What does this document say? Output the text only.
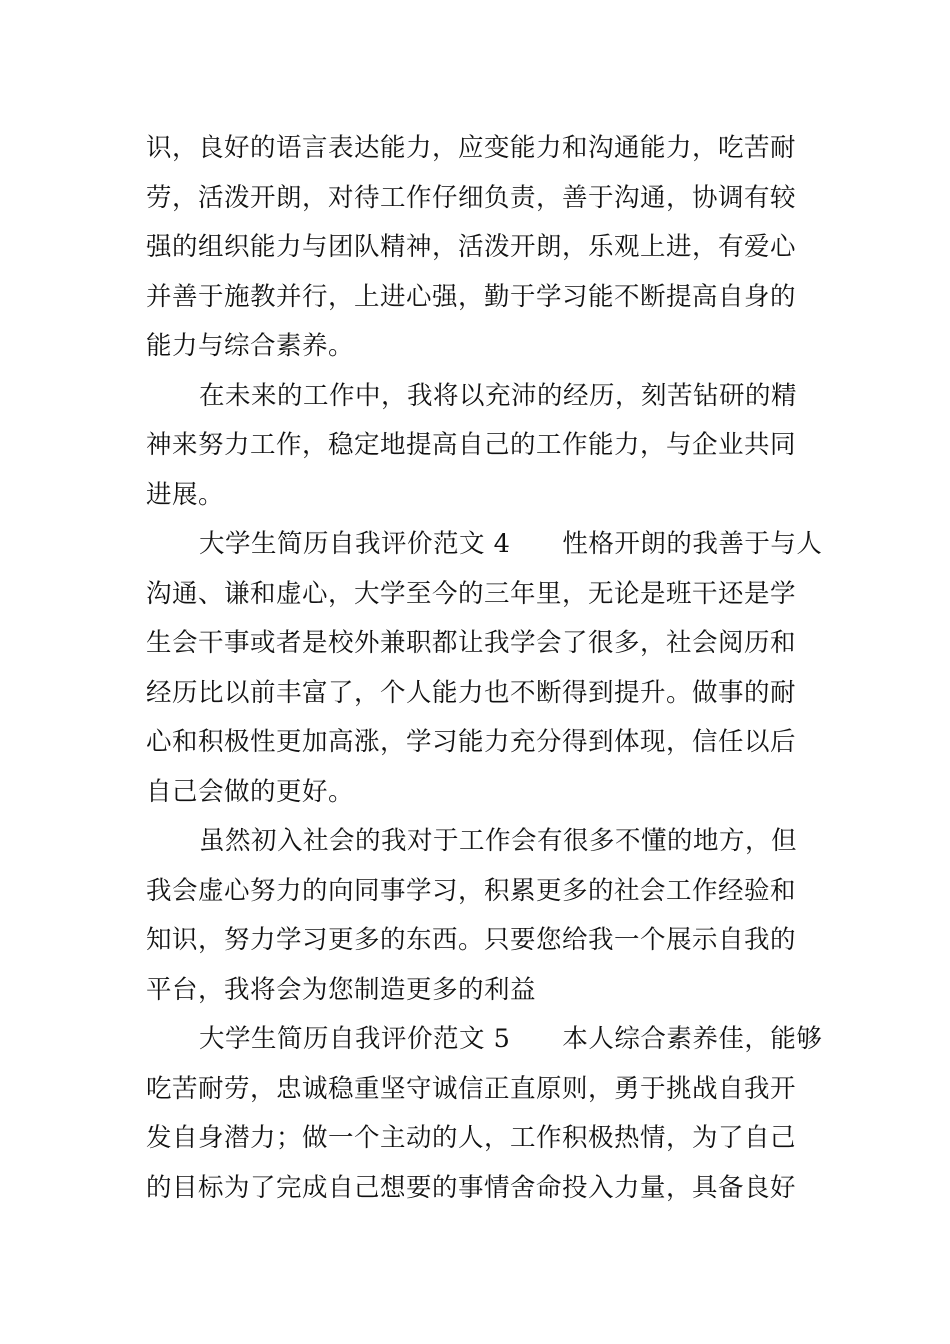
识，良好的语言表达能力，应变能力和沟通能力，吃苦耐
劳，活泼开朗，对待工作仔细负责，善于沟通，协调有较
强的组织能力与团队精神，活泼开朗，乐观上进，有爱心
并善于施教并行，上进心强，勤于学习能不断提高自身的
能力与综合素养。
在未来的工作中，我将以充沛的经历，刻苦钻研的精
神来努力工作，稳定地提高自己的工作能力，与企业共同
进展。
大学生简历自我评价范文 4 性格开朗的我善于与人
沟通、谦和虚心，大学至今的三年里，无论是班干还是学
生会干事或者是校外兼职都让我学会了很多，社会阅历和
经历比以前丰富了，个人能力也不断得到提升。做事的耐
心和积极性更加高涨，学习能力充分得到体现，信任以后
自己会做的更好。
虽然初入社会的我对于工作会有很多不懂的地方，但
我会虚心努力的向同事学习，积累更多的社会工作经验和
知识，努力学习更多的东西。只要您给我一个展示自我的
平台，我将会为您制造更多的利益
大学生简历自我评价范文 5 本人综合素养佳，能够
吃苦耐劳，忠诚稳重坚守诚信正直原则，勇于挑战自我开
发自身潜力；做一个主动的人，工作积极热情，为了自己
的目标为了完成自己想要的事情舍命投入力量，具备良好
